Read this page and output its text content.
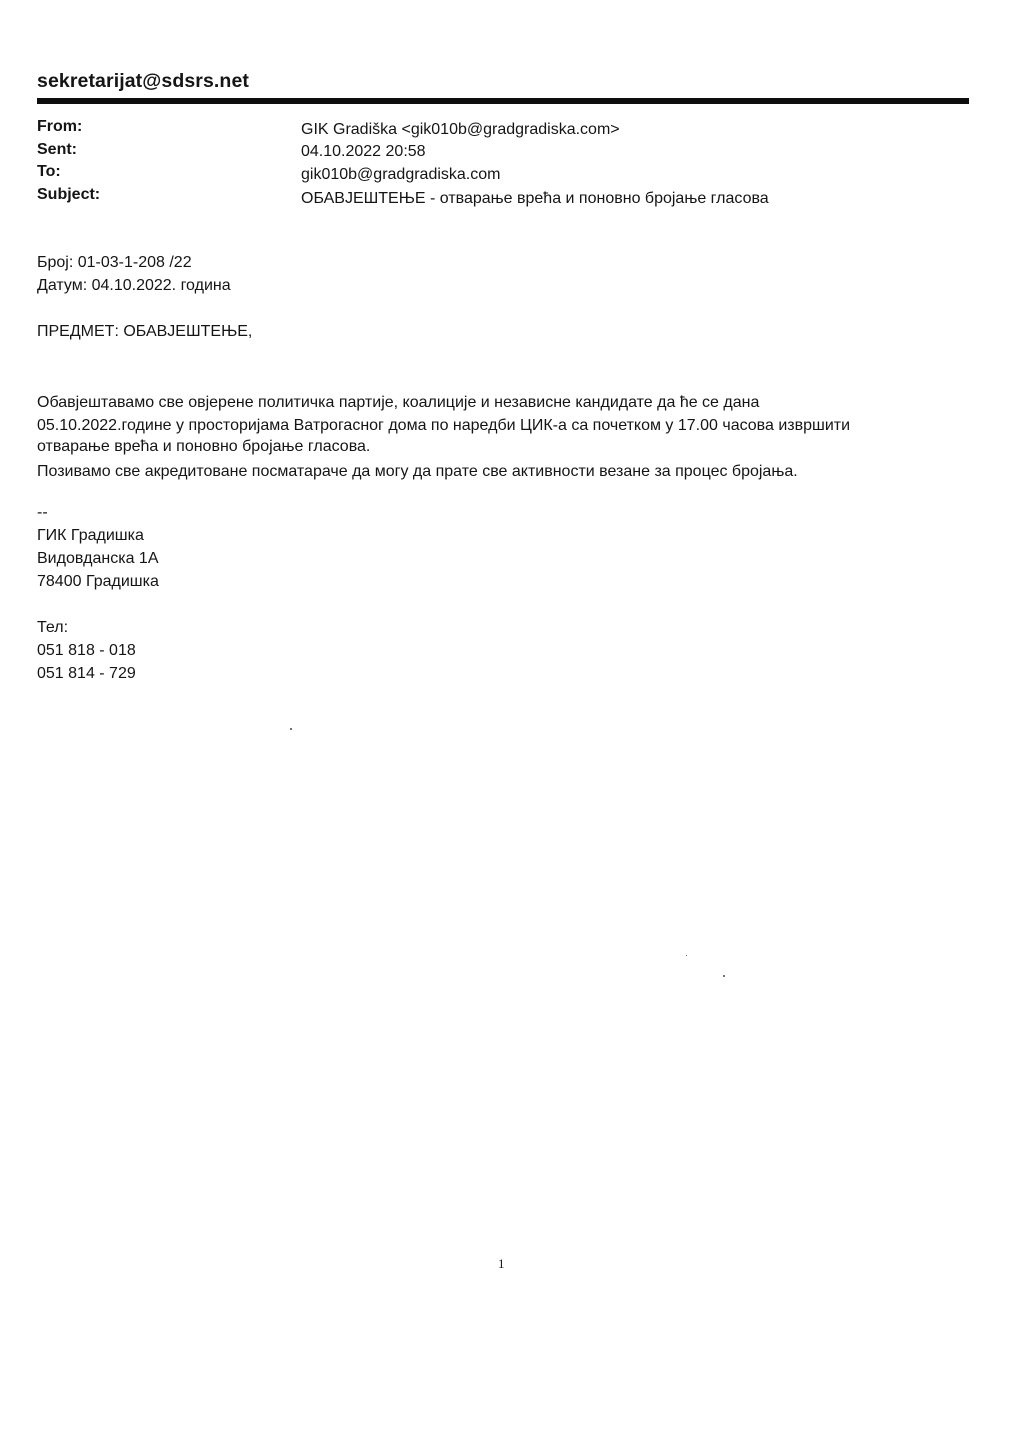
sekretarijat@sdsrs.net
From:	GIK Gradiška <gik010b@gradgradiska.com>
Sent:	04.10.2022 20:58
To:	gik010b@gradgradiska.com
Subject:	ОБАВЈЕШТЕЊЕ - отварање врећа и поновно бројање гласова
Број: 01-03-1-208 /22
Датум: 04.10.2022. година
ПРЕДМЕТ: ОБАВЈЕШТЕЊЕ,
Обавјештавамо све овјерене политичка партије, коалиције и независне кандидате да ће се дана
05.10.2022.године у просторијама Ватрогасног дома по наредби ЦИК-а са почетком у 17.00 часова извршити
отварање врећа и поновно бројање гласова.
Позивамо све акредитоване посматараче да могу да прате све активности везане за процес бројања.
--
ГИК Градишка
Видовданска 1А
78400 Градишка
Тел:
051 818 - 018
051 814 - 729
1
